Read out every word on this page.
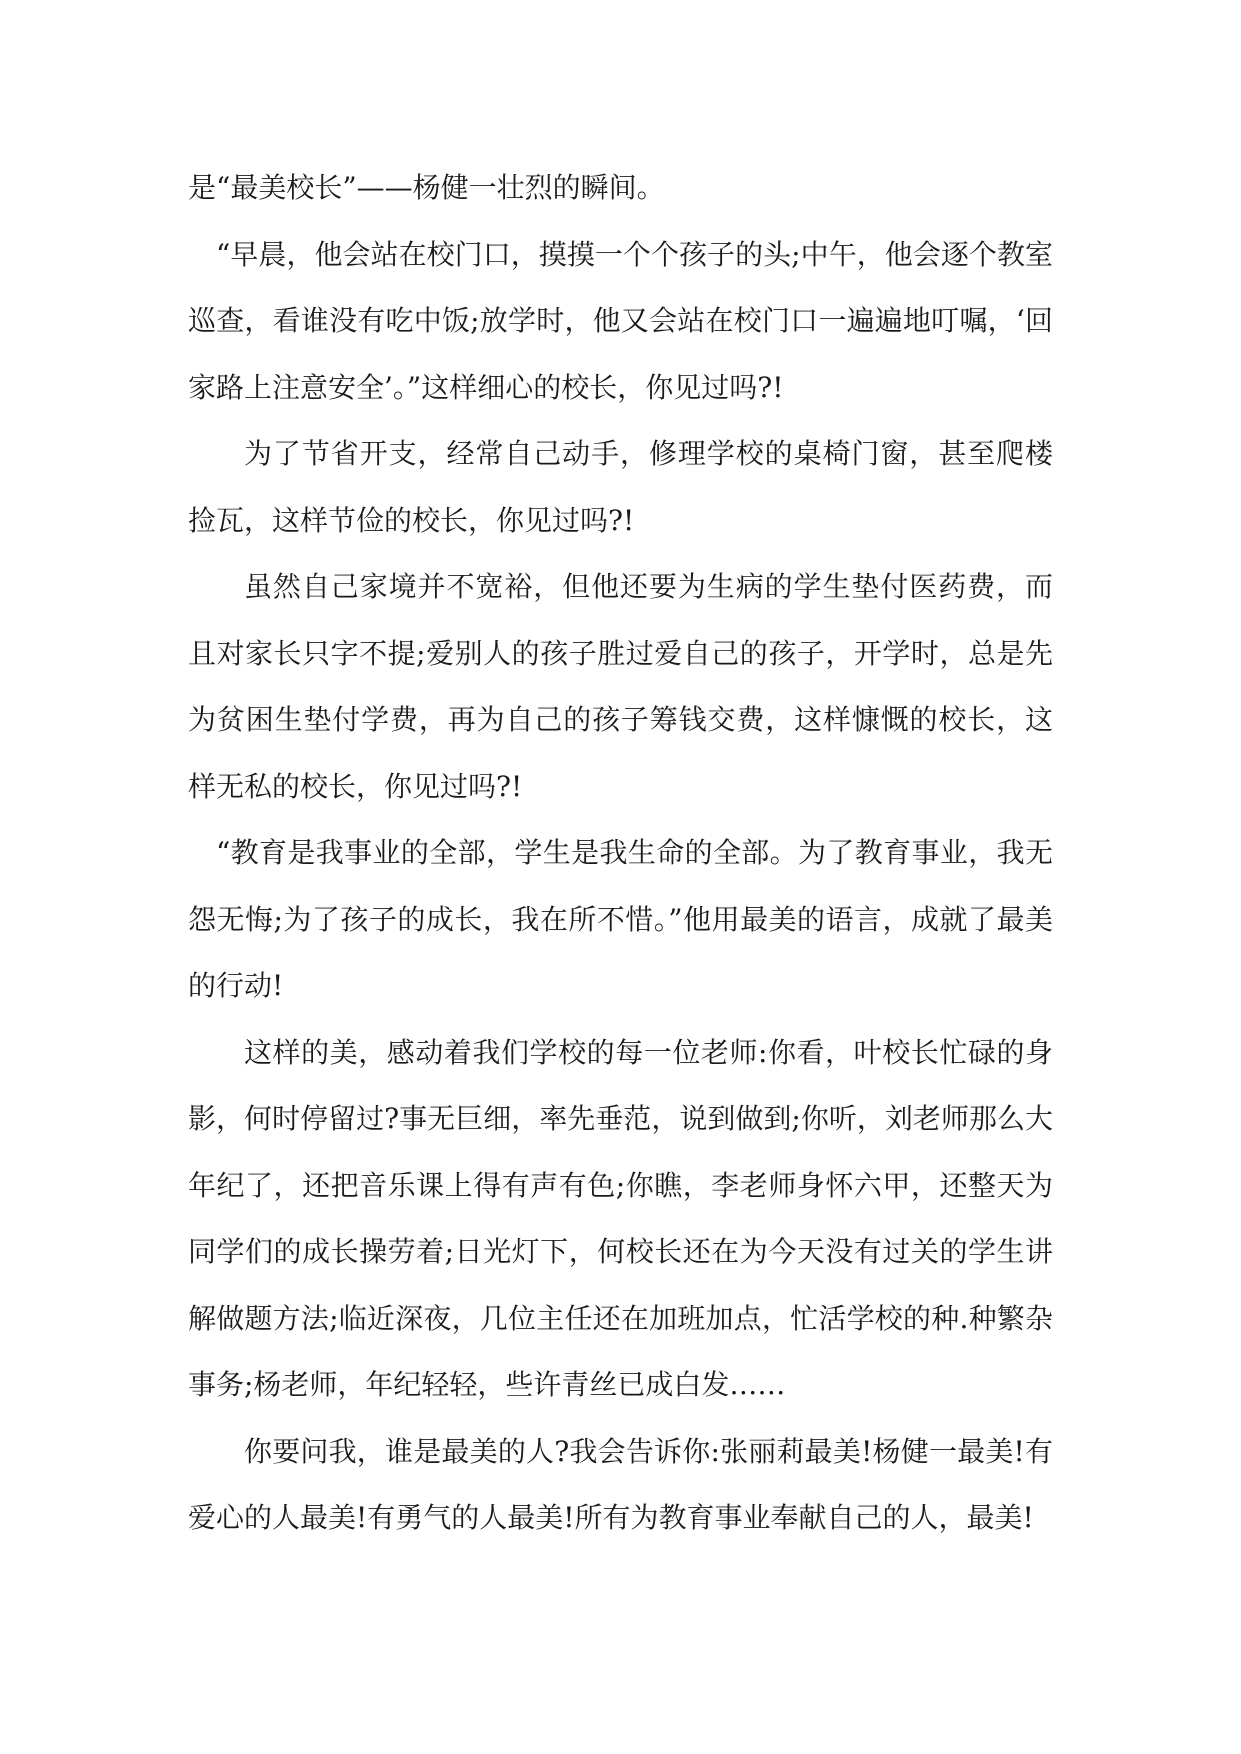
是“最美校长”——杨健一壮烈的瞬间。

“早晨，他会站在校门口，摸摸一个个孩子的头;中午，他会逐个教室巡查，看谁没有吃中饭;放学时，他又会站在校门口一遍遍地叮嘱，‘回家路上注意安全’。”这样细心的校长，你见过吗?!

为了节省开支，经常自己动手，修理学校的桌椅门窗，甚至爬楼捡瓦，这样节俭的校长，你见过吗?!

虽然自己家境并不宽裕，但他还要为生病的学生垫付医药费，而且对家长只字不提;爱别人的孩子胜过爱自己的孩子，开学时，总是先为贫困生垫付学费，再为自己的孩子筹钱交费，这样慷慨的校长，这样无私的校长，你见过吗?!

“教育是我事业的全部，学生是我生命的全部。为了教育事业，我无怨无悔;为了孩子的成长，我在所不惜。”他用最美的语言，成就了最美的行动!

这样的美，感动着我们学校的每一位老师:你看，叶校长忙碌的身影，何时停留过?事无巨细，率先垂范，说到做到;你听，刘老师那么大年纪了，还把音乐课上得有声有色;你瞧，李老师身怀六甲，还整天为同学们的成长操劳着;日光灯下，何校长还在为今天没有过关的学生讲解做题方法;临近深夜，几位主任还在加班加点，忙活学校的种.种繁杂事务;杨老师，年纪轻轻，些许青丝已成白发……

你要问我，谁是最美的人?我会告诉你:张丽莉最美!杨健一最美!有爱心的人最美!有勇气的人最美!所有为教育事业奉献自己的人，最美!
